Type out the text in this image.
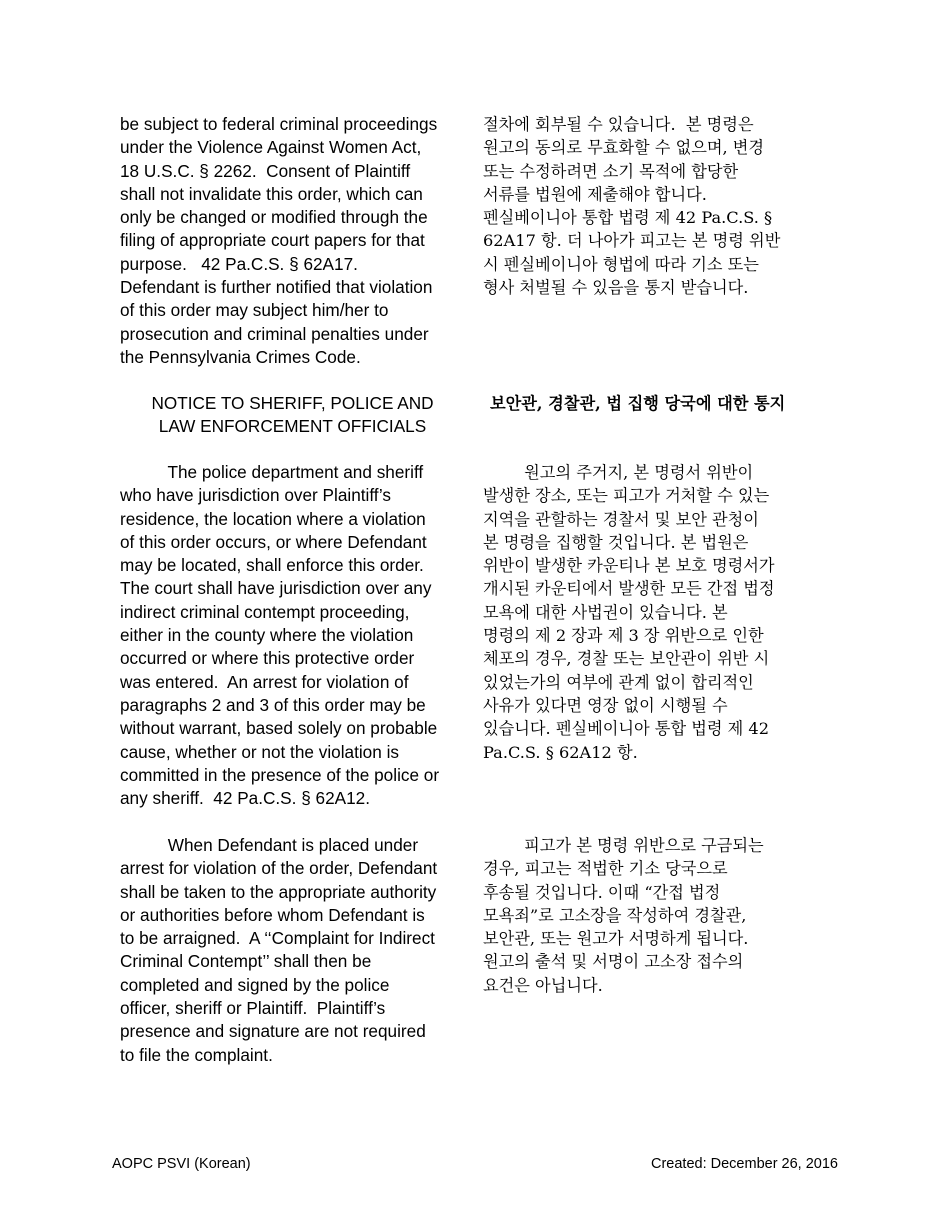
be subject to federal criminal proceedings
under the Violence Against Women Act,
18 U.S.C. § 2262.  Consent of Plaintiff
shall not invalidate this order, which can
only be changed or modified through the
filing of appropriate court papers for that
purpose.   42 Pa.C.S. § 62A17.
Defendant is further notified that violation
of this order may subject him/her to
prosecution and criminal penalties under
the Pennsylvania Crimes Code.

NOTICE TO SHERIFF, POLICE AND
LAW ENFORCEMENT OFFICIALS

The police department and sheriff
who have jurisdiction over Plaintiff’s
residence, the location where a violation
of this order occurs, or where Defendant
may be located, shall enforce this order.
The court shall have jurisdiction over any
indirect criminal contempt proceeding,
either in the county where the violation
occurred or where this protective order
was entered.  An arrest for violation of
paragraphs 2 and 3 of this order may be
without warrant, based solely on probable
cause, whether or not the violation is
committed in the presence of the police or
any sheriff.  42 Pa.C.S. § 62A12.

When Defendant is placed under
arrest for violation of the order, Defendant
shall be taken to the appropriate authority
or authorities before whom Defendant is
to be arraigned.  A ‘‘Complaint for Indirect
Criminal Contempt’’ shall then be
completed and signed by the police
officer, sheriff or Plaintiff.  Plaintiff’s
presence and signature are not required
to file the complaint.

절차에 회부될 수 있습니다.  본 명령은
원고의 동의로 무효화할 수 없으며, 변경
또는 수정하려면 소기 목적에 합당한
서류를 법원에 제출해야 합니다.
펜실베이니아 통합 법령 제 42 Pa.C.S. §
62A17 항. 더 나아가 피고는 본 명령 위반
시 펜실베이니아 형법에 따라 기소 또는
형사 처벌될 수 있음을 통지 받습니다.

보안관, 경찰관, 법 집행 당국에 대한 통지

원고의 주거지, 본 명령서 위반이
발생한 장소, 또는 피고가 거처할 수 있는
지역을 관할하는 경찰서 및 보안 관청이
본 명령을 집행할 것입니다. 본 법원은
위반이 발생한 카운티나 본 보호 명령서가
개시된 카운티에서 발생한 모든 간접 법정
모욕에 대한 사법권이 있습니다. 본
명령의 제 2 장과 제 3 장 위반으로 인한
체포의 경우, 경찰 또는 보안관이 위반 시
있었는가의 여부에 관계 없이 합리적인
사유가 있다면 영장 없이 시행될 수
있습니다. 펜실베이니아 통합 법령 제 42
Pa.C.S. § 62A12 항.

피고가 본 명령 위반으로 구금되는
경우, 피고는 적법한 기소 당국으로
후송될 것입니다. 이때 “간접 법정
모욕죄”로 고소장을 작성하여 경찰관,
보안관, 또는 원고가 서명하게 됩니다.
원고의 출석 및 서명이 고소장 접수의
요건은 아닙니다.

AOPC PSVI (Korean)	Created: December 26, 2016
